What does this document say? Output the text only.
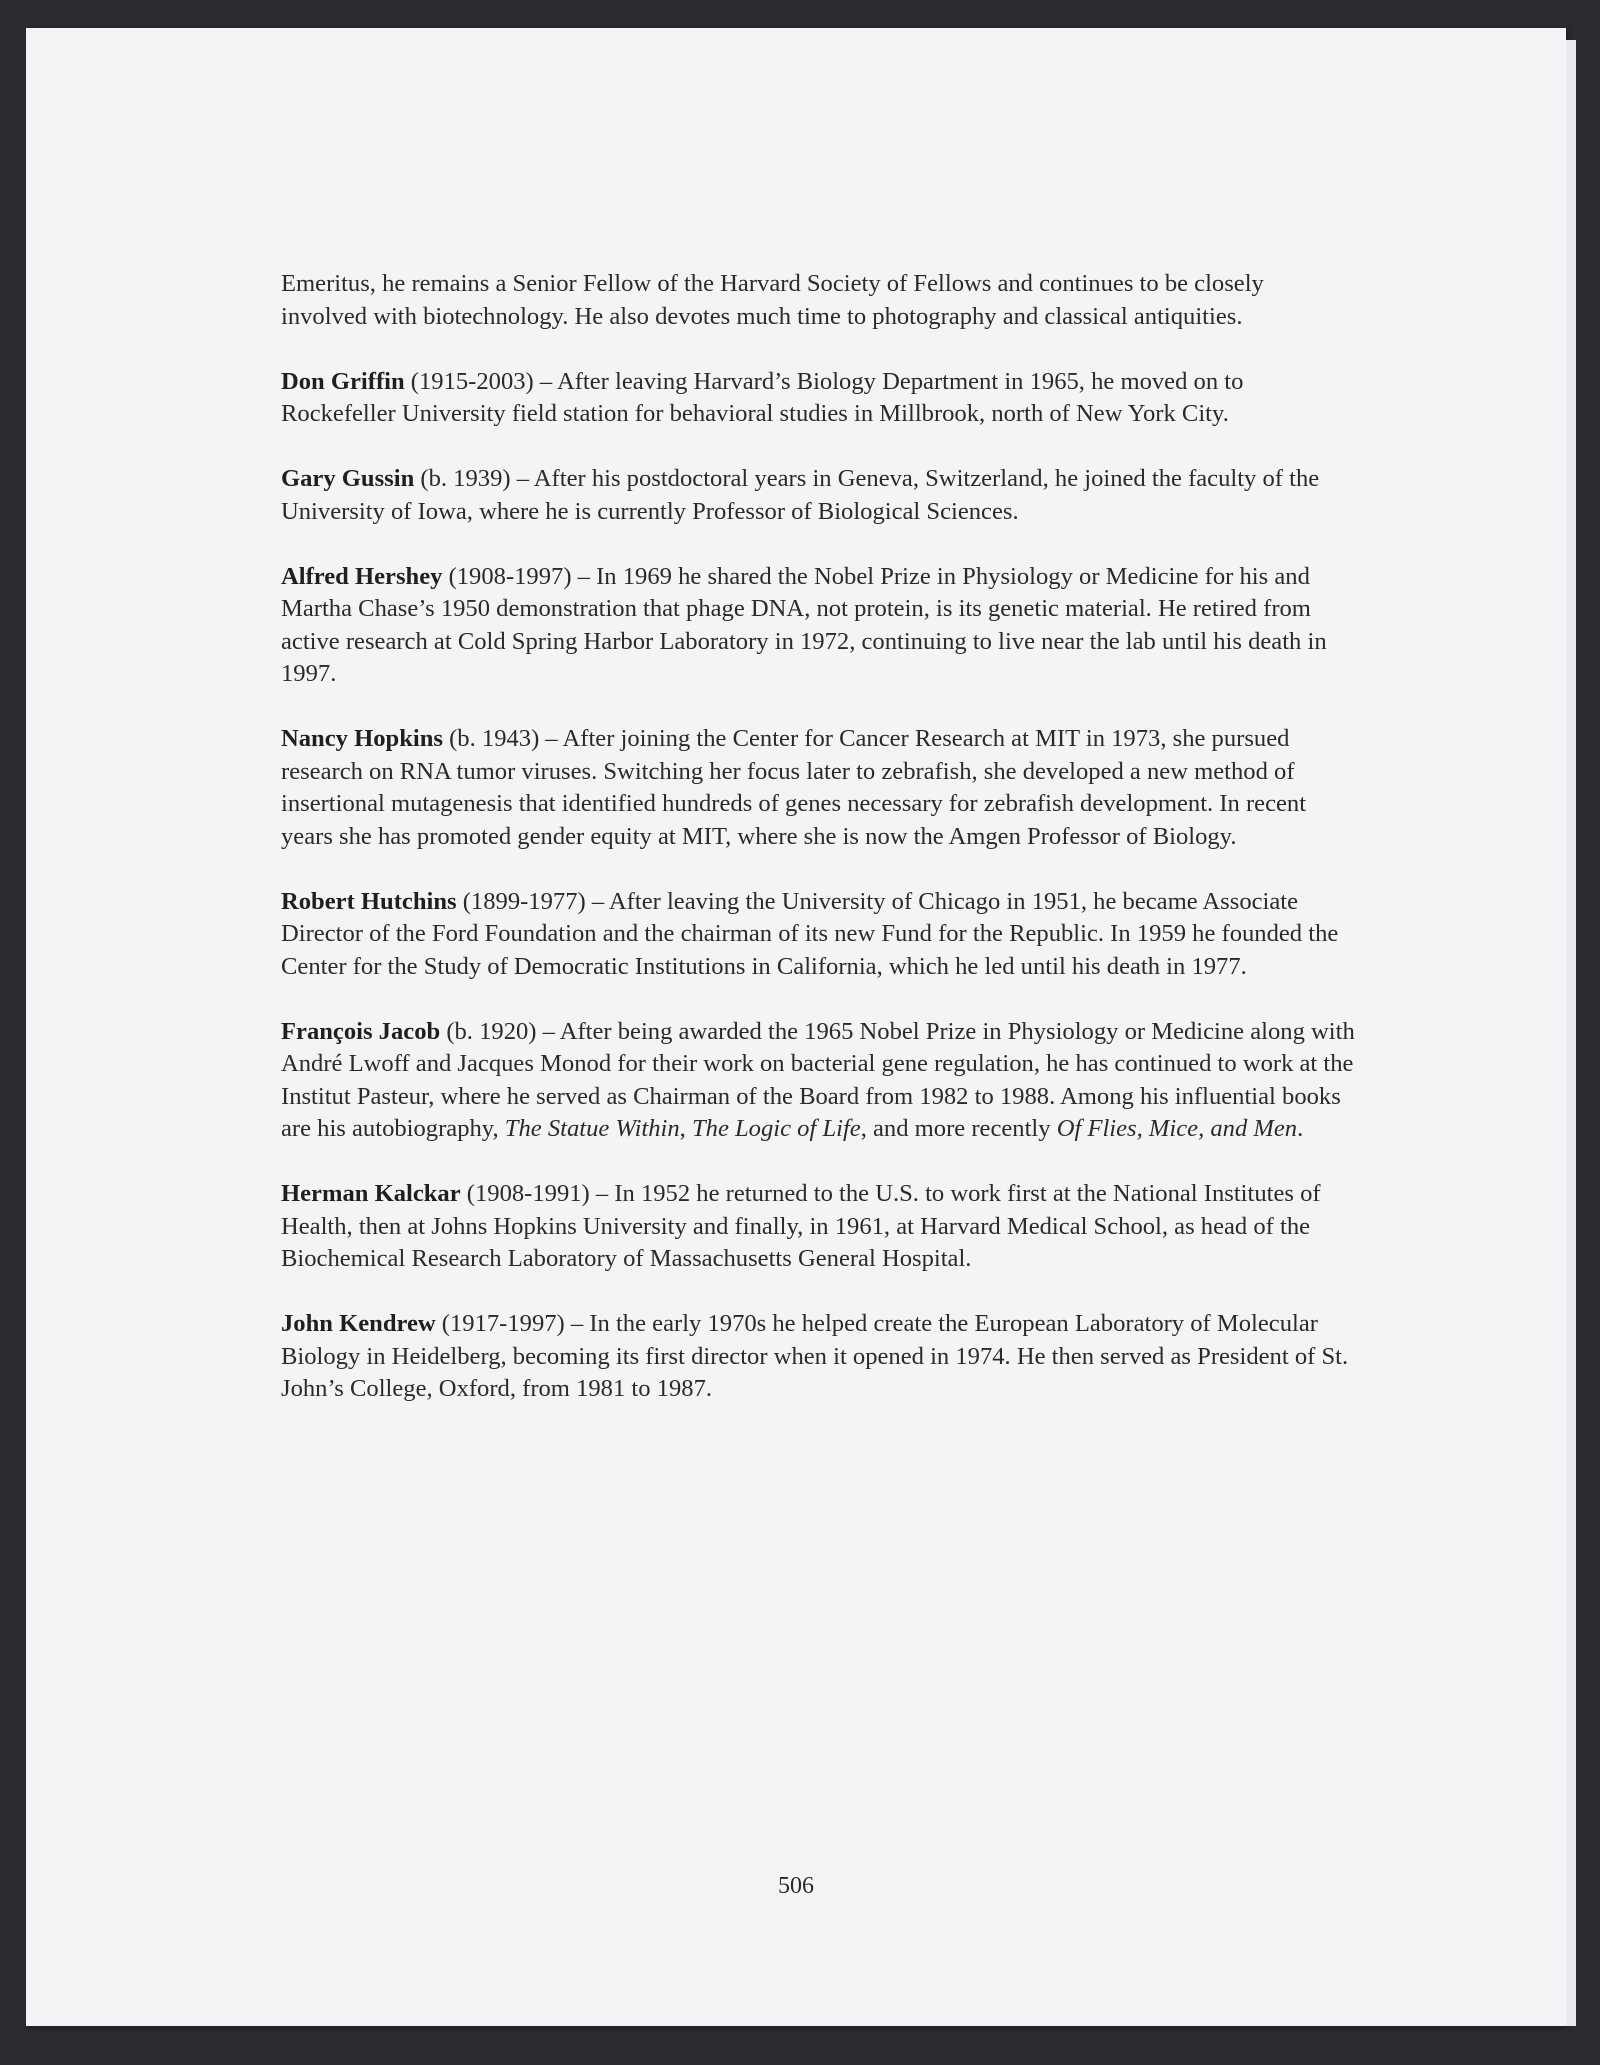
Emeritus, he remains a Senior Fellow of the Harvard Society of Fellows and continues to be closely involved with biotechnology. He also devotes much time to photography and classical antiquities.

Don Griffin (1915-2003) – After leaving Harvard’s Biology Department in 1965, he moved on to Rockefeller University field station for behavioral studies in Millbrook, north of New York City.

Gary Gussin (b. 1939) – After his postdoctoral years in Geneva, Switzerland, he joined the faculty of the University of Iowa, where he is currently Professor of Biological Sciences.

Alfred Hershey (1908-1997) – In 1969 he shared the Nobel Prize in Physiology or Medicine for his and Martha Chase’s 1950 demonstration that phage DNA, not protein, is its genetic material. He retired from active research at Cold Spring Harbor Laboratory in 1972, continuing to live near the lab until his death in 1997.

Nancy Hopkins (b. 1943) – After joining the Center for Cancer Research at MIT in 1973, she pursued research on RNA tumor viruses. Switching her focus later to zebrafish, she developed a new method of insertional mutagenesis that identified hundreds of genes necessary for zebrafish development. In recent years she has promoted gender equity at MIT, where she is now the Amgen Professor of Biology.

Robert Hutchins (1899-1977) – After leaving the University of Chicago in 1951, he became Associate Director of the Ford Foundation and the chairman of its new Fund for the Republic. In 1959 he founded the Center for the Study of Democratic Institutions in California, which he led until his death in 1977.

François Jacob (b. 1920) – After being awarded the 1965 Nobel Prize in Physiology or Medicine along with André Lwoff and Jacques Monod for their work on bacterial gene regulation, he has continued to work at the Institut Pasteur, where he served as Chairman of the Board from 1982 to 1988. Among his influential books are his autobiography, The Statue Within, The Logic of Life, and more recently Of Flies, Mice, and Men.

Herman Kalckar (1908-1991) – In 1952 he returned to the U.S. to work first at the National Institutes of Health, then at Johns Hopkins University and finally, in 1961, at Harvard Medical School, as head of the Biochemical Research Laboratory of Massachusetts General Hospital.

John Kendrew (1917-1997) – In the early 1970s he helped create the European Laboratory of Molecular Biology in Heidelberg, becoming its first director when it opened in 1974. He then served as President of St. John’s College, Oxford, from 1981 to 1987.

506
